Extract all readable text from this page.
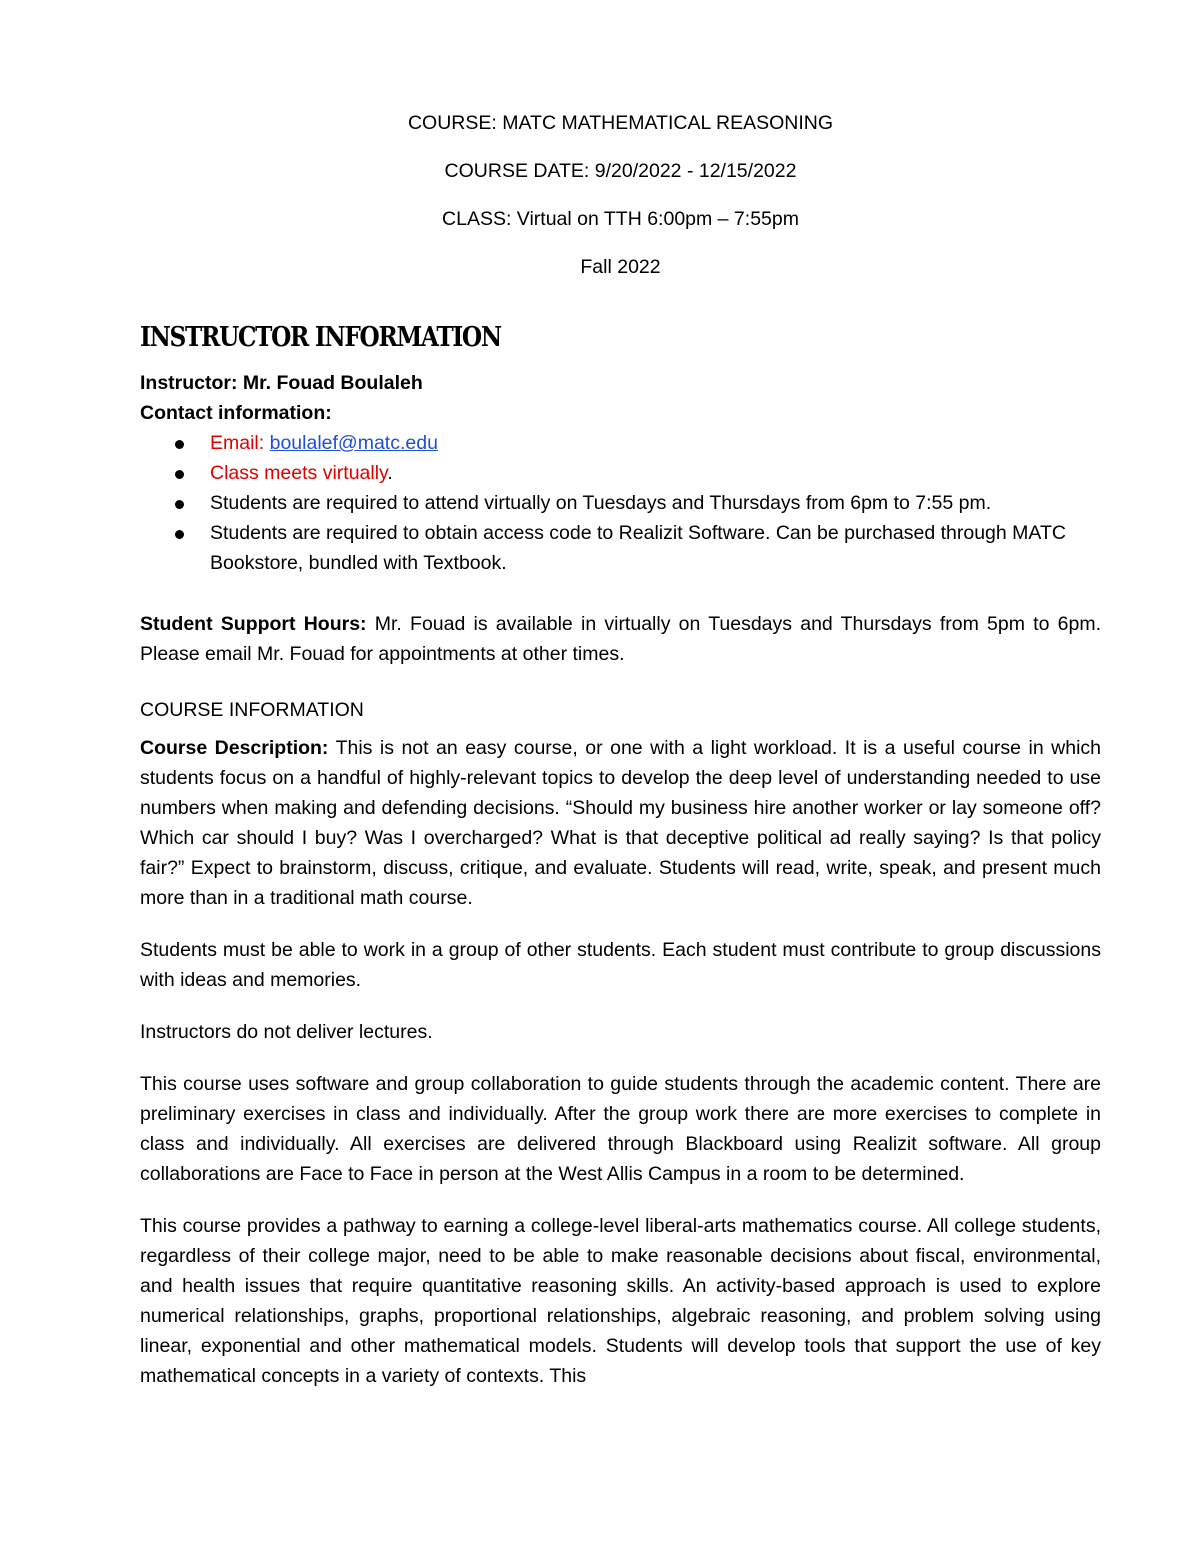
COURSE: MATC MATHEMATICAL REASONING

COURSE DATE: 9/20/2022 - 12/15/2022

CLASS: Virtual on TTH 6:00pm – 7:55pm

Fall 2022

INSTRUCTOR INFORMATION

Instructor: Mr. Fouad Boulaleh

Contact information:

Email: boulalef@matc.edu
Class meets virtually.
Students are required to attend virtually on Tuesdays and Thursdays from 6pm to 7:55 pm.
Students are required to obtain access code to Realizit Software. Can be purchased through MATC Bookstore, bundled with Textbook.

Student Support Hours: Mr. Fouad is available in virtually on Tuesdays and Thursdays from 5pm to 6pm. Please email Mr. Fouad for appointments at other times.

COURSE INFORMATION

Course Description: This is not an easy course, or one with a light workload. It is a useful course in which students focus on a handful of highly-relevant topics to develop the deep level of understanding needed to use numbers when making and defending decisions. “Should my business hire another worker or lay someone off? Which car should I buy? Was I overcharged? What is that deceptive political ad really saying? Is that policy fair?” Expect to brainstorm, discuss, critique, and evaluate. Students will read, write, speak, and present much more than in a traditional math course.

Students must be able to work in a group of other students. Each student must contribute to group discussions with ideas and memories.

Instructors do not deliver lectures.

This course uses software and group collaboration to guide students through the academic content. There are preliminary exercises in class and individually. After the group work there are more exercises to complete in class and individually. All exercises are delivered through Blackboard using Realizit software. All group collaborations are Face to Face in person at the West Allis Campus in a room to be determined.

This course provides a pathway to earning a college-level liberal-arts mathematics course. All college students, regardless of their college major, need to be able to make reasonable decisions about fiscal, environmental, and health issues that require quantitative reasoning skills. An activity-based approach is used to explore numerical relationships, graphs, proportional relationships, algebraic reasoning, and problem solving using linear, exponential and other mathematical models. Students will develop tools that support the use of key mathematical concepts in a variety of contexts. This
